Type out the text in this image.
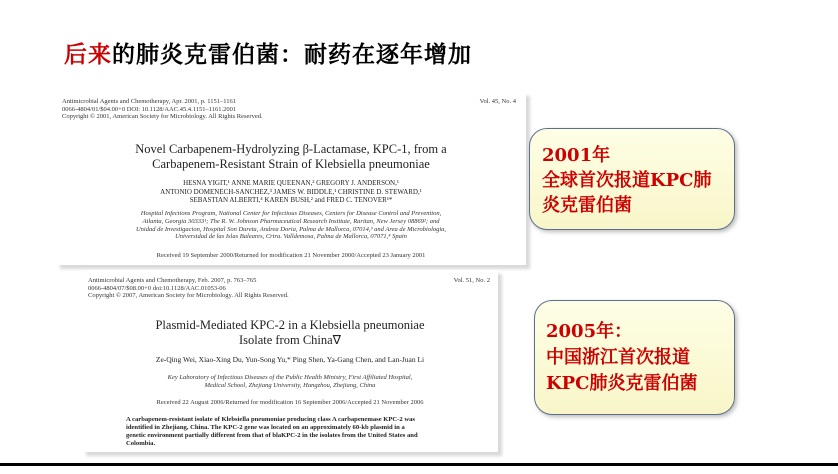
后来的肺炎克雷伯菌：耐药在逐年增加
Antimicrobial Agents and Chemotherapy, Apr. 2001, p. 1151–1161
0066-4804/01/$04.00+0 DOI: 10.1128/AAC.45.4.1151–1161.2001
Copyright © 2001, American Society for Microbiology. All Rights Reserved.
Vol. 45, No. 4
Novel Carbapenem-Hydrolyzing β-Lactamase, KPC-1, from a
Carbapenem-Resistant Strain of Klebsiella pneumoniae
HESNA YIGIT,¹ ANNE MARIE QUEENAN,² GREGORY J. ANDERSON,¹
ANTONIO DOMENECH-SANCHEZ,³ JAMES W. BIDDLE,¹ CHRISTINE D. STEWARD,¹
SEBASTIAN ALBERTI,⁴ KAREN BUSH,² and FRED C. TENOVER¹*
Hospital Infections Program, National Center for Infectious Diseases, Centers for Disease Control and Prevention,
Atlanta, Georgia 30333¹; The R. W. Johnson Pharmaceutical Research Institute, Raritan, New Jersey 08869²; and
Unidad de Investigacion, Hospital Son Dureta, Andrea Doria, Palma de Mallorca, 07014,³ and Area de Microbiologia,
Universidad de las Islas Baleares, Crtra. Valldemosa, Palma de Mallorca, 07071,⁴ Spain
Received 19 September 2000/Returned for modification 21 November 2000/Accepted 23 January 2001
Antimicrobial Agents and Chemotherapy, Feb. 2007, p. 763–765
0066-4804/07/$08.00+0 doi:10.1128/AAC.01053-06
Copyright © 2007, American Society for Microbiology. All Rights Reserved.
Vol. 51, No. 2
Plasmid-Mediated KPC-2 in a Klebsiella pneumoniae
Isolate from China∇
Ze-Qing Wei, Xiao-Xing Du, Yun-Song Yu,* Ping Shen, Ya-Gang Chen, and Lan-Juan Li
Key Laboratory of Infectious Diseases of the Public Health Ministry, First Affiliated Hospital,
Medical School, Zhejiang University, Hangzhou, Zhejiang, China
Received 22 August 2006/Returned for modification 16 September 2006/Accepted 21 November 2006
A carbapenem-resistant isolate of Klebsiella pneumoniae producing class A carbapenemase KPC-2 was
identified in Zhejiang, China. The KPC-2 gene was located on an approximately 60-kb plasmid in a
genetic environment partially different from that of blaKPC-2 in the isolates from the United States and
Colombia.
2001年
全球首次报道KPC肺
炎克雷伯菌
2005年：
中国浙江首次报道
KPC肺炎克雷伯菌
